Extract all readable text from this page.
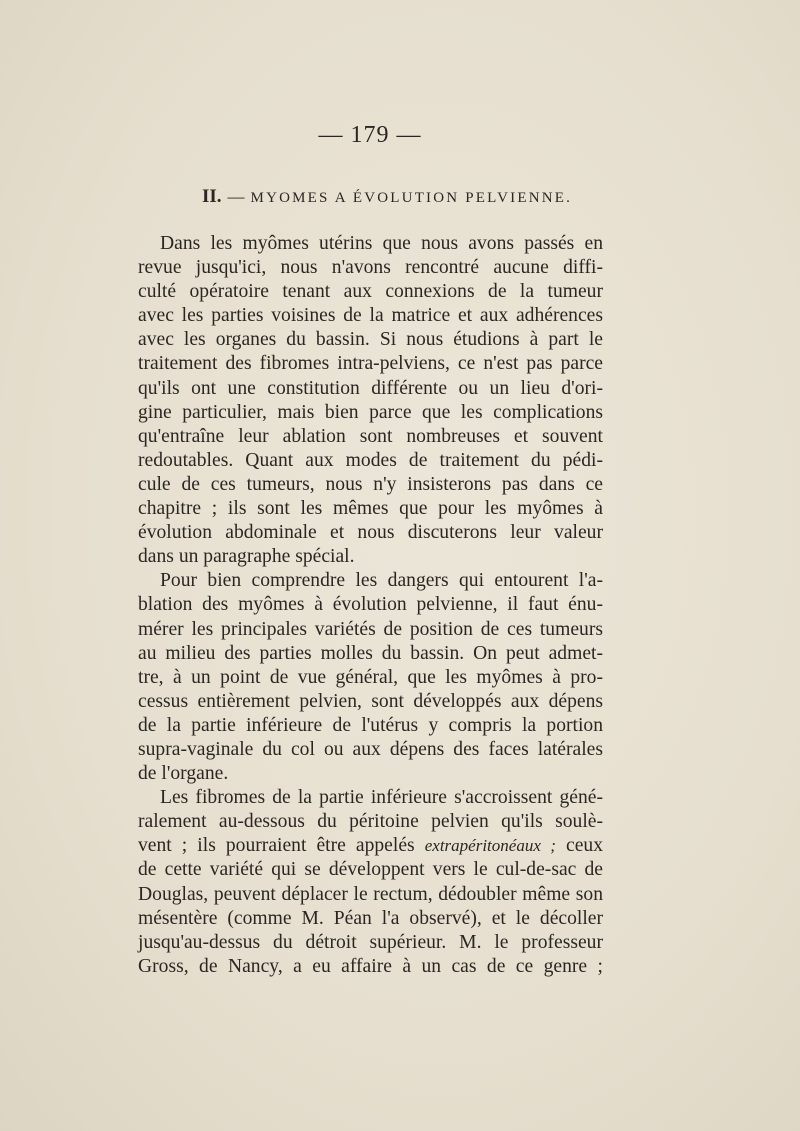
— 179 —
II. — MYOMES A ÉVOLUTION PELVIENNE.
Dans les myômes utérins que nous avons passés en
revue jusqu'ici, nous n'avons rencontré aucune diffi-
culté opératoire tenant aux connexions de la tumeur
avec les parties voisines de la matrice et aux adhérences
avec les organes du bassin. Si nous étudions à part le
traitement des fibromes intra-pelviens, ce n'est pas parce
qu'ils ont une constitution différente ou un lieu d'ori-
gine particulier, mais bien parce que les complications
qu'entraîne leur ablation sont nombreuses et souvent
redoutables. Quant aux modes de traitement du pédi-
cule de ces tumeurs, nous n'y insisterons pas dans ce
chapitre ; ils sont les mêmes que pour les myômes à
évolution abdominale et nous discuterons leur valeur
dans un paragraphe spécial.
Pour bien comprendre les dangers qui entourent l'a-
blation des myômes à évolution pelvienne, il faut énu-
mérer les principales variétés de position de ces tumeurs
au milieu des parties molles du bassin. On peut admet-
tre, à un point de vue général, que les myômes à pro-
cessus entièrement pelvien, sont développés aux dépens
de la partie inférieure de l'utérus y compris la portion
supra-vaginale du col ou aux dépens des faces latérales
de l'organe.
Les fibromes de la partie inférieure s'accroissent géné-
ralement au-dessous du péritoine pelvien qu'ils soulè-
vent ; ils pourraient être appelés extrapéritonéaux ; ceux
de cette variété qui se développent vers le cul-de-sac de
Douglas, peuvent déplacer le rectum, dédoubler même son
mésentère (comme M. Péan l'a observé), et le décoller
jusqu'au-dessus du détroit supérieur. M. le professeur
Gross, de Nancy, a eu affaire à un cas de ce genre ;
